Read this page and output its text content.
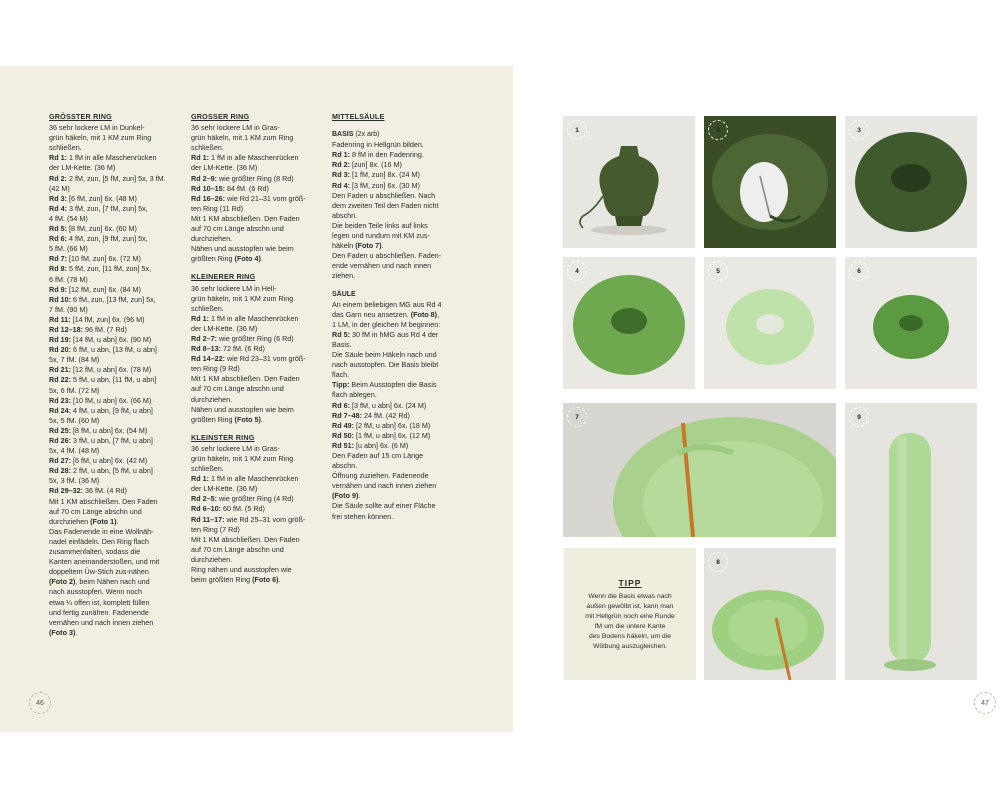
GRÖSSTER RING

36 sehr lockere LM in Dunkel-

grün häkeln, mit 1 KM zum Ring

schließen.

Rd 1: 1 fM in alle Maschenrücken

der LM-Kette. (36 M)

Rd 2: 2 fM, zun, [5 fM, zun] 5x, 3 fM.

(42 M)

Rd 3: [6 fM, zun] 6x. (48 M)

Rd 4: 3 fM, zun, [7 fM, zun] 5x,

4 fM. (54 M)

Rd 5: [8 fM, zun] 6x. (60 M)

Rd 6: 4 fM, zun, [9 fM, zun] 5x,

5 fM. (66 M)

Rd 7: [10 fM, zun] 6x. (72 M)

Rd 8: 5 fM, zun, [11 fM, zun] 5x,

6 fM. (78 M)

Rd 9: [12 fM, zun] 6x. (84 M)

Rd 10: 6 fM, zun, [13 fM, zun] 5x,

7 fM. (90 M)

Rd 11: [14 fM, zun] 6x. (96 M)

Rd 12–18: 96 fM. (7 Rd)

Rd 19: [14 fM, u abn] 6x. (90 M)

Rd 20: 6 fM, u abn, [13 fM, u abn]

5x, 7 fM. (84 M)

Rd 21: [12 fM, u abn] 6x. (78 M)

Rd 22: 5 fM, u abn, [11 fM, u abn]

5x, 6 fM. (72 M)

Rd 23: [10 fM, u abn] 6x. (66 M)

Rd 24: 4 fM, u abn, [9 fM, u abn]

5x, 5 fM. (60 M)

Rd 25: [8 fM, u abn] 6x. (54 M)

Rd 26: 3 fM, u abn, [7 fM, u abn]

5x, 4 fM. (48 M)

Rd 27: [6 fM, u abn] 6x. (42 M)

Rd 28: 2 fM, u abn, [5 fM, u abn]

5x, 3 fM. (36 M)

Rd 29–32: 36 fM. (4 Rd)

Mit 1 KM abschließen. Den Faden

auf 70 cm Länge abschn und

durchziehen (Foto 1).

Das Fadenende in eine Wollnäh-

nadel einfädeln. Den Ring flach

zusammenfalten, sodass die

Kanten aneinanderstoßen, und mit

doppeltem Üw-Stich zus-nähen

(Foto 2), beim Nähen nach und

nach ausstopfen. Wenn noch

etwa ¼ offen ist, komplett füllen

und fertig zunähen. Fadenende

vernähen und nach innen ziehen

(Foto 3).

GROSSER RING

36 sehr lockere LM in Gras-

grün häkeln, mit 1 KM zum Ring

schließen.

Rd 1: 1 fM in alle Maschenrücken

der LM-Kette. (36 M)

Rd 2–9: wie größter Ring (8 Rd)

Rd 10–15: 84 fM. (6 Rd)

Rd 16–26: wie Rd 21–31 vom größ-

ten Ring (11 Rd)

Mit 1 KM abschließen. Den Faden

auf 70 cm Länge abschn und

durchziehen.

Nähen und ausstopfen wie beim

größten Ring (Foto 4).

KLEINERER RING

36 sehr lockere LM in Hell-

grün häkeln, mit 1 KM zum Ring

schließen.

Rd 1: 1 fM in alle Maschenrücken

der LM-Kette. (36 M)

Rd 2–7: wie größter Ring (6 Rd)

Rd 8–13: 72 fM. (6 Rd)

Rd 14–22: wie Rd 23–31 vom größ-

ten Ring (9 Rd)

Mit 1 KM abschließen. Den Faden

auf 70 cm Länge abschn und

durchziehen.

Nähen und ausstopfen wie beim

größten Ring (Foto 5).

KLEINSTER RING

36 sehr lockere LM in Gras-

grün häkeln, mit 1 KM zum Ring

schließen.

Rd 1: 1 fM in alle Maschenrücken

der LM-Kette. (36 M)

Rd 2–5: wie größter Ring (4 Rd)

Rd 6–10: 60 fM. (5 Rd)

Rd 11–17: wie Rd 25–31 vom größ-

ten Ring (7 Rd)

Mit 1 KM abschließen. Den Faden

auf 70 cm Länge abschn und

durchziehen.

Ring nähen und ausstopfen wie

beim größten Ring (Foto 6).

MITTELSÄULE

BASIS (2x arb)

Fadenring in Hellgrün bilden.

Rd 1: 8 fM in den Fadenring.

Rd 2: [zun] 8x. (16 M)

Rd 3: [1 fM, zun] 8x. (24 M)

Rd 4: [3 fM, zun] 6x. (30 M)

Den Faden u abschließen. Nach

dem zweiten Teil den Faden nicht

abschn.

Die beiden Teile links auf links

legen und rundum mit KM zus-

häkeln (Foto 7).

Den Faden u abschließen. Faden-

ende vernähen und nach innen

ziehen.

SÄULE

An einem beliebigen MG aus Rd 4

das Garn neu ansetzen. (Foto 8),

1 LM, in der gleichen M beginnen:

Rd 5: 30 fM in hMG aus Rd 4 der

Basis.

Die Säule beim Häkeln nach und

nach ausstopfen. Die Basis bleibt

flach.

Tipp: Beim Ausstopfen die Basis

flach ablegen.

Rd 6: [3 fM, u abn] 6x. (24 M)

Rd 7–48: 24 fM. (42 Rd)

Rd 49: [2 fM, u abn] 6x. (18 M)

Rd 50: [1 fM, u abn] 6x. (12 M)

Rd 51: [u abn] 6x. (6 M)

Den Faden auf 15 cm Länge

abschn.

Öffnung zuziehen. Fadenende

vernähen und nach innen ziehen

(Foto 9).

Die Säule sollte auf einer Fläche

frei stehen können.

46	47
1	2	3
4	5	6
7
8
9
TIPP
Wenn die Basis etwas nach
außen gewölbt ist, kann man
mit Hellgrün noch eine Runde
fM um die untere Kante
des Bodens häkeln, um die
Wölbung auszugleichen.
